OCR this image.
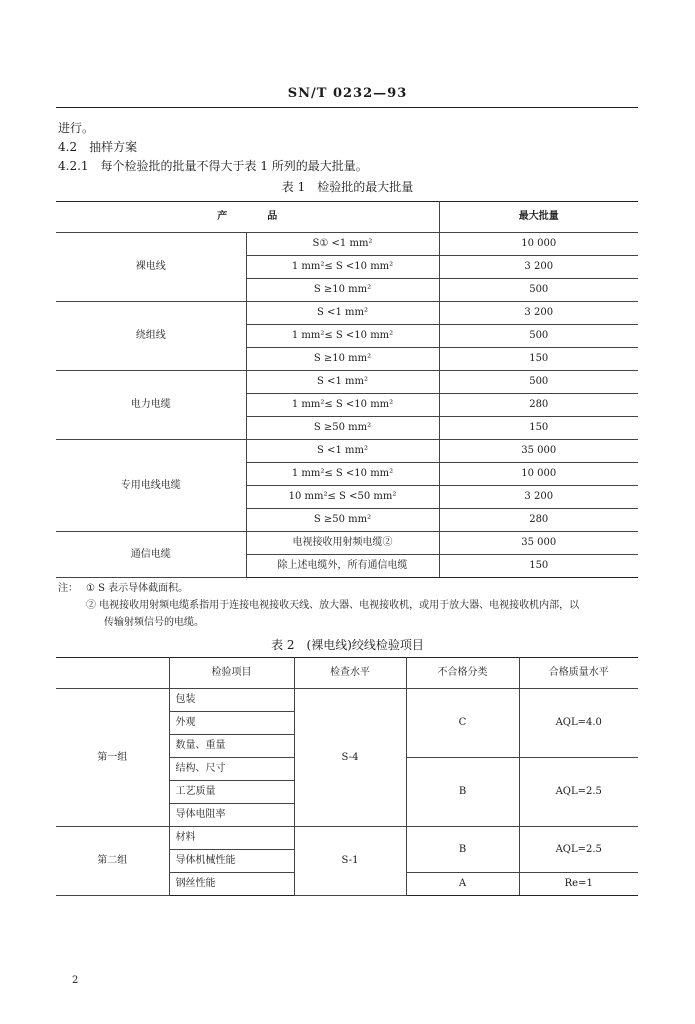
SN/T 0232—93
进行。
4.2　抽样方案
4.2.1　每个检验批的批量不得大于表 1 所列的最大批量。
表 1　检验批的最大批量
产　　　　品		最大批量
裸电线	S① <1 mm²	10 000
	1 mm²≤ S <10 mm²	3 200
	S ≥10 mm²	500
绕组线	S <1 mm²	3 200
	1 mm²≤ S <10 mm²	500
	S ≥10 mm²	150
电力电缆	S <1 mm²	500
	1 mm²≤ S <10 mm²	280
	S ≥50 mm²	150
专用电线电缆	S <1 mm²	35 000
	1 mm²≤ S <10 mm²	10 000
	10 mm²≤ S <50 mm²	3 200
	S ≥50 mm²	280
通信电缆	电视接收用射频电缆②	35 000
	除上述电缆外，所有通信电缆	150
注： ① S 表示导体截面积。
② 电视接收用射频电缆系指用于连接电视接收天线、放大器、电视接收机，或用于放大器、电视接收机内部，以
传输射频信号的电缆。
表 2　(裸电线)绞线检验项目
	检验项目	检查水平	不合格分类	合格质量水平
第一组	包装	S-4	C	AQL=4.0
	外观			
	数量、重量			
	结构、尺寸		B	AQL=2.5
	工艺质量			
	导体电阻率			
第二组	材料	S-1	B	AQL=2.5
	导体机械性能			
	钢丝性能		A	Re=1
2
